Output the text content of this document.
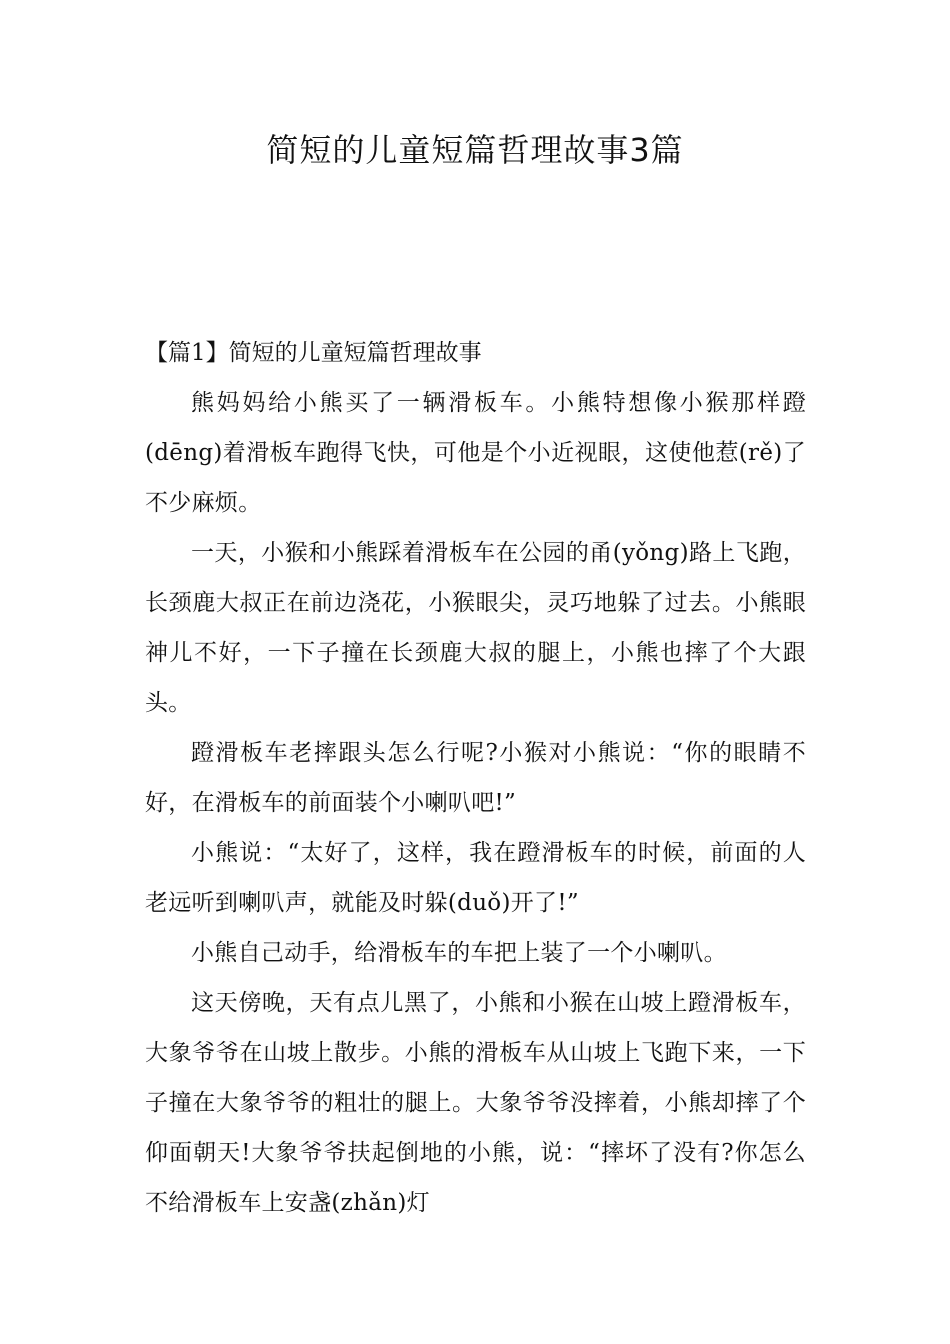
简短的儿童短篇哲理故事3篇

【篇1】简短的儿童短篇哲理故事

熊妈妈给小熊买了一辆滑板车。小熊特想像小猴那样蹬(dēng)着滑板车跑得飞快，可他是个小近视眼，这使他惹(rě)了不少麻烦。

一天，小猴和小熊踩着滑板车在公园的甬(yǒng)路上飞跑，长颈鹿大叔正在前边浇花，小猴眼尖，灵巧地躲了过去。小熊眼神儿不好，一下子撞在长颈鹿大叔的腿上，小熊也摔了个大跟头。

蹬滑板车老摔跟头怎么行呢?小猴对小熊说：“你的眼睛不好，在滑板车的前面装个小喇叭吧!”

小熊说：“太好了，这样，我在蹬滑板车的时候，前面的人老远听到喇叭声，就能及时躲(duǒ)开了!”

小熊自己动手，给滑板车的车把上装了一个小喇叭。

这天傍晚，天有点儿黑了，小熊和小猴在山坡上蹬滑板车，大象爷爷在山坡上散步。小熊的滑板车从山坡上飞跑下来，一下子撞在大象爷爷的粗壮的腿上。大象爷爷没摔着，小熊却摔了个仰面朝天!大象爷爷扶起倒地的小熊，说：“摔坏了没有?你怎么不给滑板车上安盏(zhǎn)灯
